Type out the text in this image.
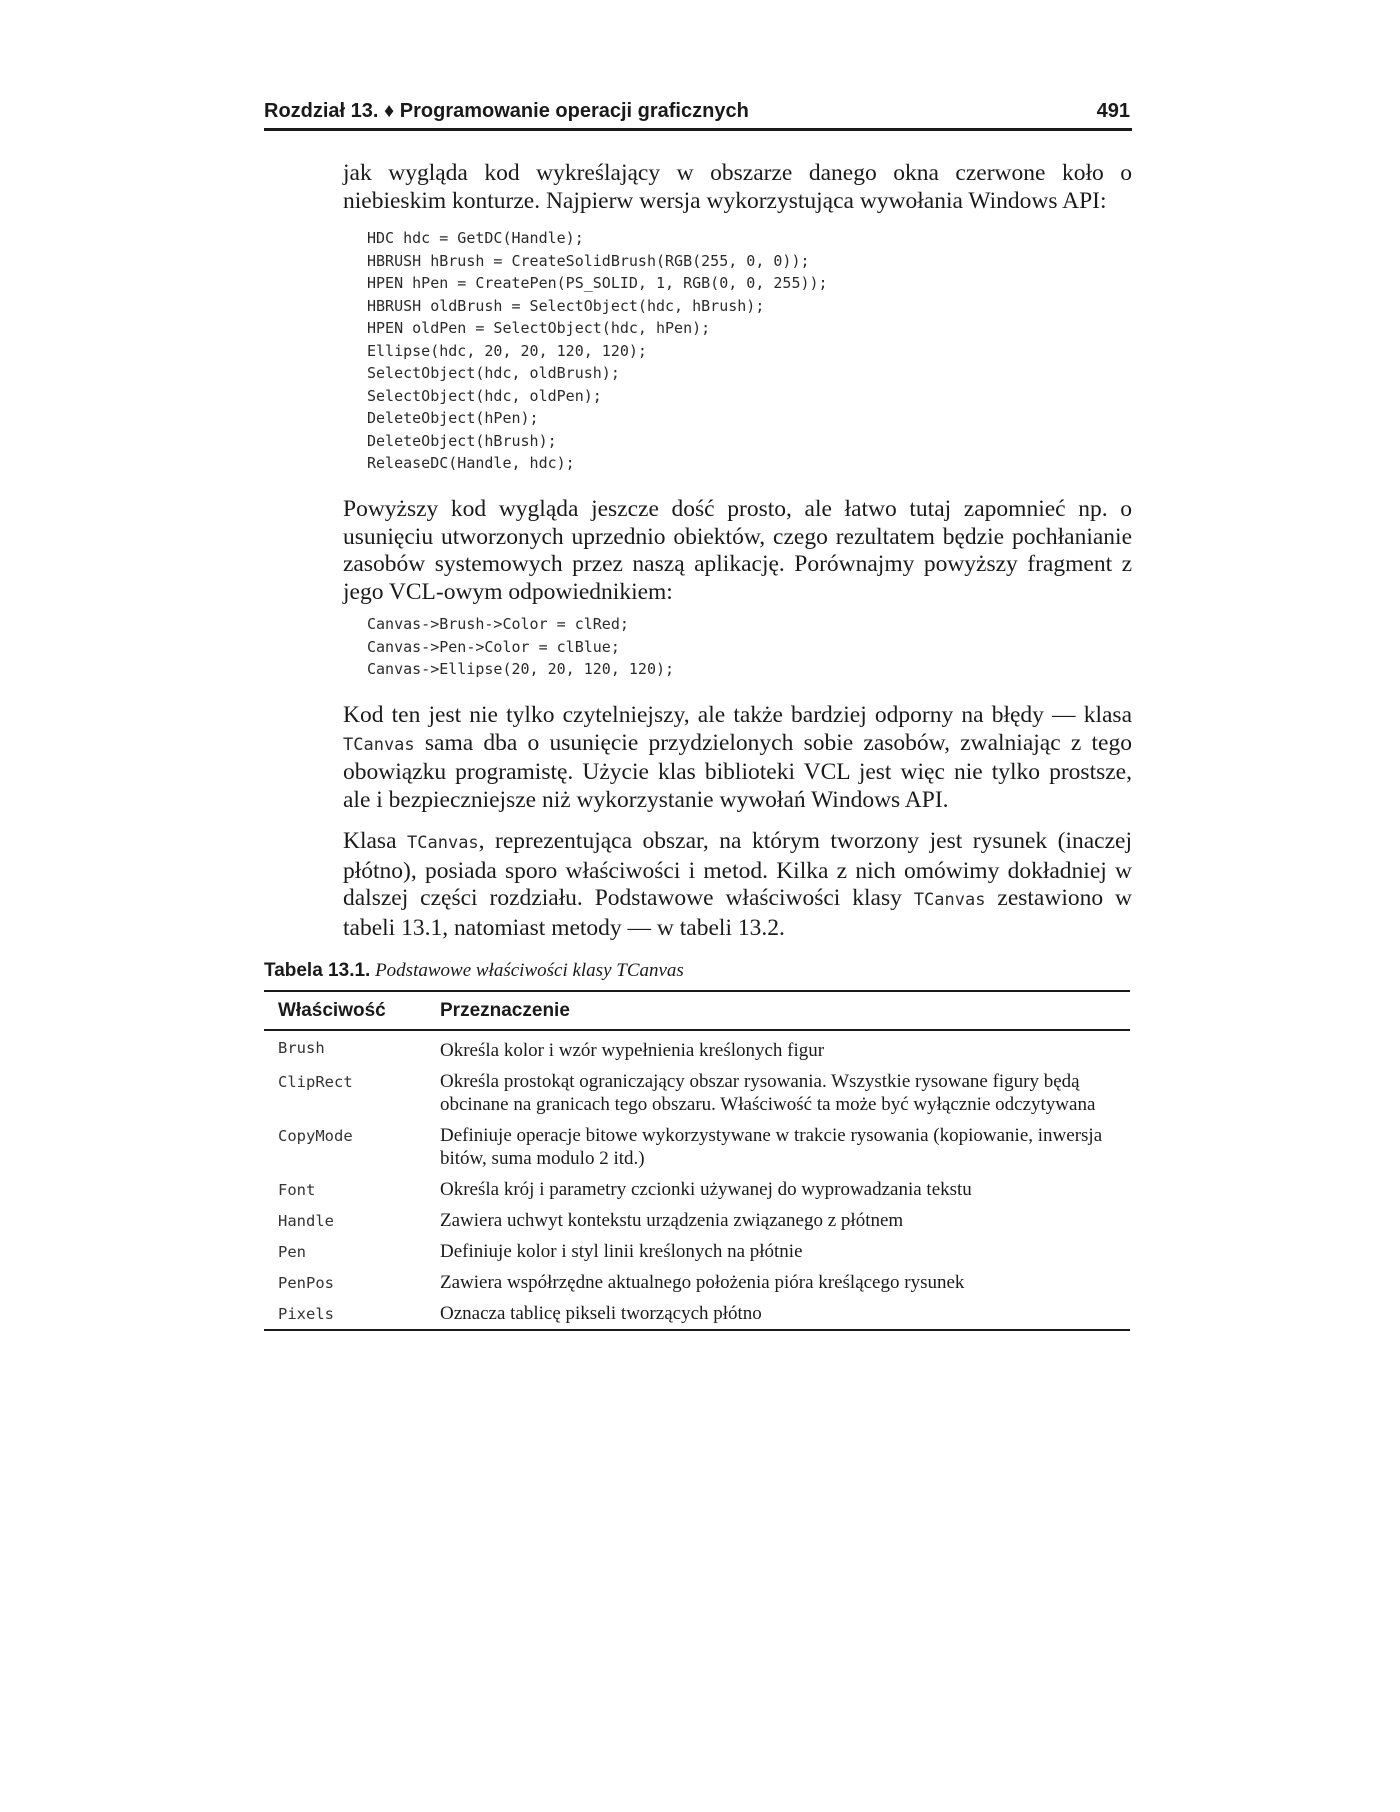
Rozdział 13. ♦ Programowanie operacji graficznych	491

jak wygląda kod wykreślający w obszarze danego okna czerwone koło o niebieskim konturze. Najpierw wersja wykorzystująca wywołania Windows API:

HDC hdc = GetDC(Handle);
HBRUSH hBrush = CreateSolidBrush(RGB(255, 0, 0));
HPEN hPen = CreatePen(PS_SOLID, 1, RGB(0, 0, 255));
HBRUSH oldBrush = SelectObject(hdc, hBrush);
HPEN oldPen = SelectObject(hdc, hPen);
Ellipse(hdc, 20, 20, 120, 120);
SelectObject(hdc, oldBrush);
SelectObject(hdc, oldPen);
DeleteObject(hPen);
DeleteObject(hBrush);
ReleaseDC(Handle, hdc);

Powyższy kod wygląda jeszcze dość prosto, ale łatwo tutaj zapomnieć np. o usunięciu utworzonych uprzednio obiektów, czego rezultatem będzie pochłanianie zasobów systemowych przez naszą aplikację. Porównajmy powyższy fragment z jego VCL-owym odpowiednikiem:

Canvas->Brush->Color = clRed;
Canvas->Pen->Color = clBlue;
Canvas->Ellipse(20, 20, 120, 120);

Kod ten jest nie tylko czytelniejszy, ale także bardziej odporny na błędy — klasa TCanvas sama dba o usunięcie przydzielonych sobie zasobów, zwalniając z tego obowiązku programistę. Użycie klas biblioteki VCL jest więc nie tylko prostsze, ale i bezpieczniejsze niż wykorzystanie wywołań Windows API.

Klasa TCanvas, reprezentująca obszar, na którym tworzony jest rysunek (inaczej płótno), posiada sporo właściwości i metod. Kilka z nich omówimy dokładniej w dalszej części rozdziału. Podstawowe właściwości klasy TCanvas zestawiono w tabeli 13.1, natomiast metody — w tabeli 13.2.

Tabela 13.1. Podstawowe właściwości klasy TCanvas

Właściwość	Przeznaczenie
Brush	Określa kolor i wzór wypełnienia kreślonych figur
ClipRect	Określa prostokąt ograniczający obszar rysowania. Wszystkie rysowane figury będą obcinane na granicach tego obszaru. Właściwość ta może być wyłącznie odczytywana
CopyMode	Definiuje operacje bitowe wykorzystywane w trakcie rysowania (kopiowanie, inwersja bitów, suma modulo 2 itd.)
Font	Określa krój i parametry czcionki używanej do wyprowadzania tekstu
Handle	Zawiera uchwyt kontekstu urządzenia związanego z płótnem
Pen	Definiuje kolor i styl linii kreślonych na płótnie
PenPos	Zawiera współrzędne aktualnego położenia pióra kreślącego rysunek
Pixels	Oznacza tablicę pikseli tworzących płótno
